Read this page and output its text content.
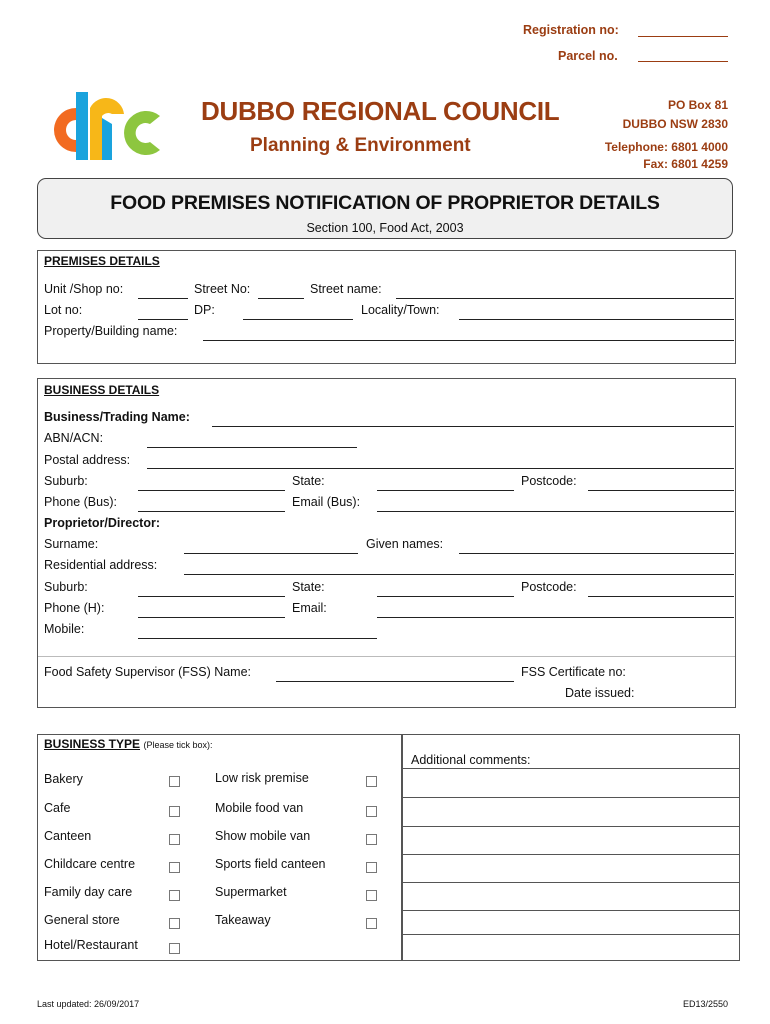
Registration no:
Parcel no.
DUBBO REGIONAL COUNCIL
Planning & Environment
PO Box 81
DUBBO NSW 2830
Telephone: 6801 4000
Fax: 6801 4259
FOOD PREMISES NOTIFICATION OF PROPRIETOR DETAILS
Section 100, Food Act, 2003
PREMISES DETAILS
Unit /Shop no:	Street No:	Street name:
Lot no:	DP:	Locality/Town:
Property/Building name:
BUSINESS DETAILS
Business/Trading Name:
ABN/ACN:
Postal address:
Suburb:	State:	Postcode:
Phone (Bus):	Email (Bus):
Proprietor/Director:
Surname:	Given names:
Residential address:
Suburb:	State:	Postcode:
Phone (H):	Email:
Mobile:
Food Safety Supervisor (FSS) Name:	FSS Certificate no:
Date issued:
BUSINESS TYPE (Please tick box):
Bakery
Cafe
Canteen
Childcare centre
Family day care
General store
Hotel/Restaurant
Low risk premise
Mobile food van
Show mobile van
Sports field canteen
Supermarket
Takeaway
Additional comments:
Last updated: 26/09/2017	ED13/2550
